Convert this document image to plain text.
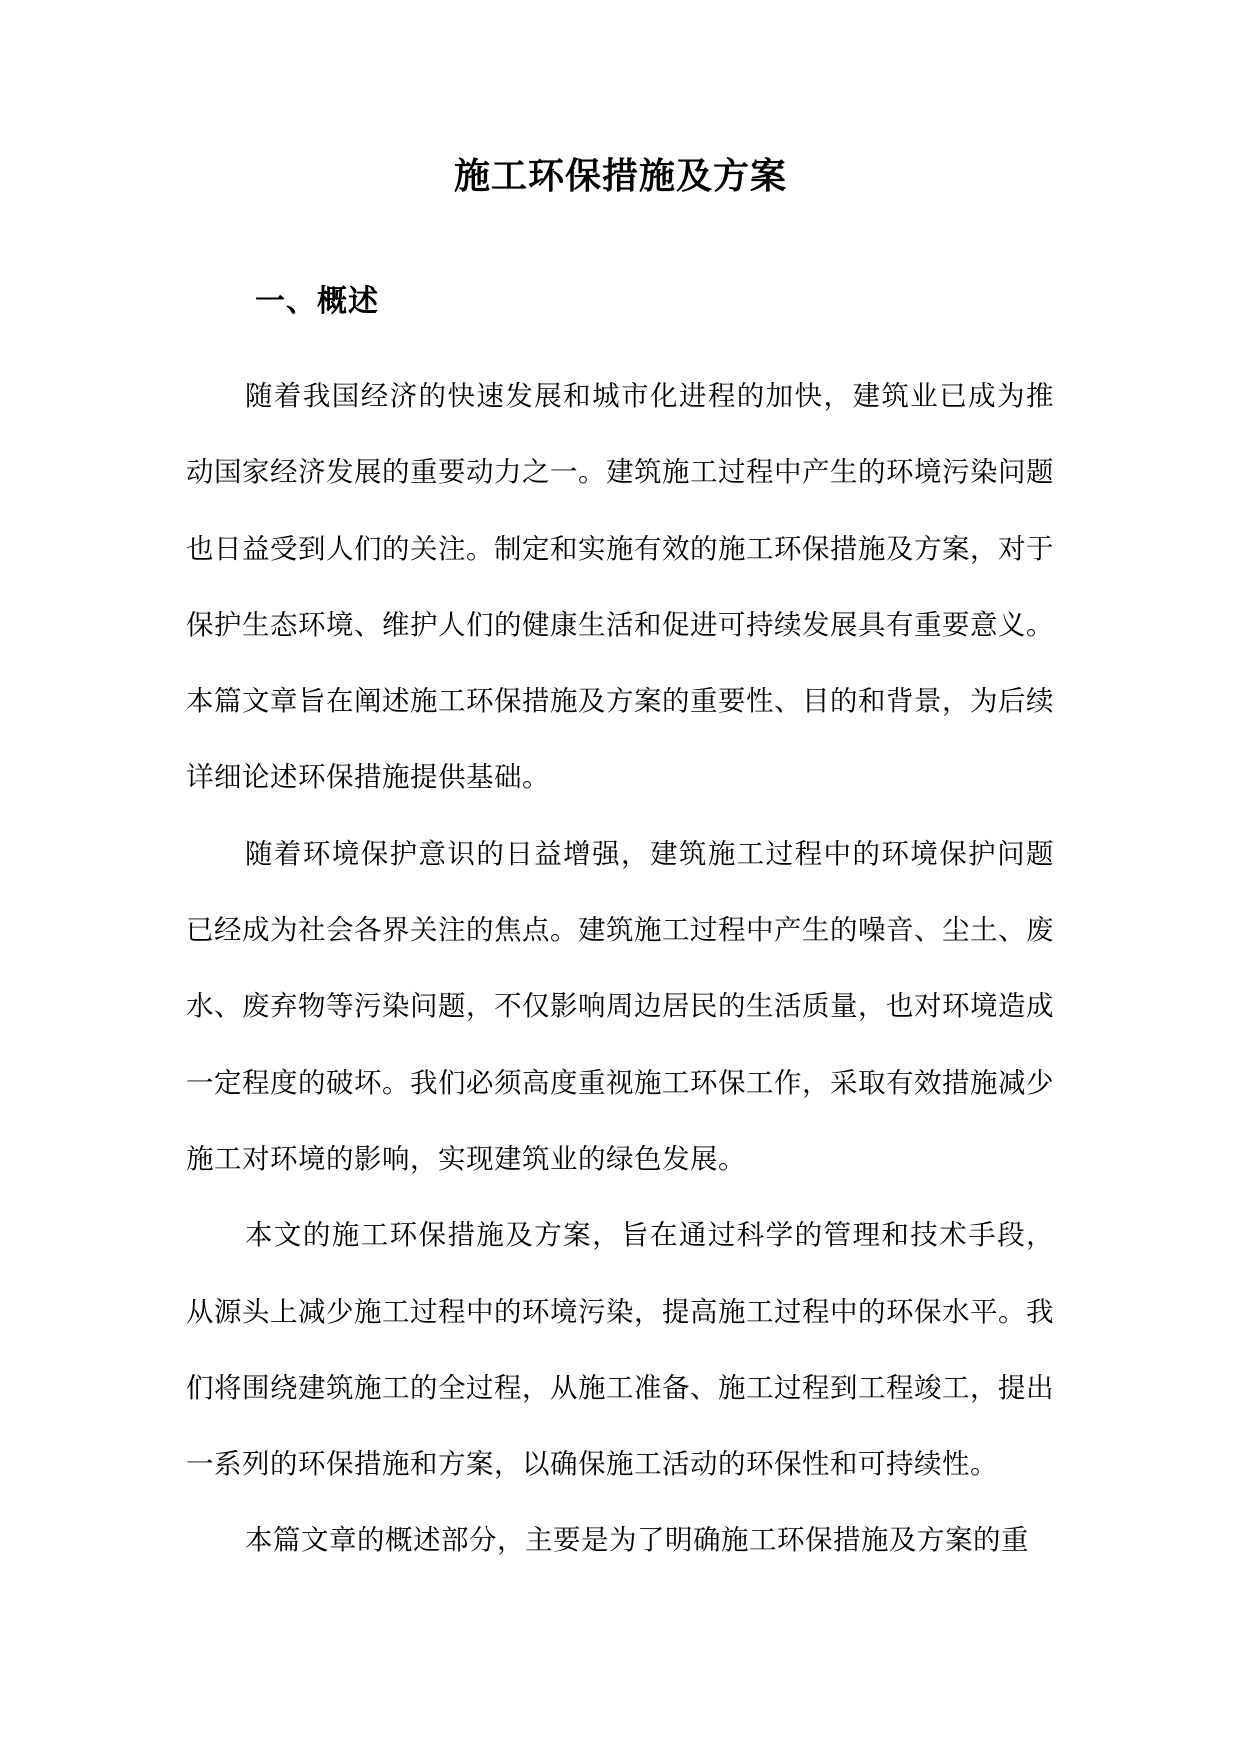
施工环保措施及方案
一、概述

随着我国经济的快速发展和城市化进程的加快，建筑业已成为推动国家经济发展的重要动力之一。建筑施工过程中产生的环境污染问题也日益受到人们的关注。制定和实施有效的施工环保措施及方案，对于保护生态环境、维护人们的健康生活和促进可持续发展具有重要意义。本篇文章旨在阐述施工环保措施及方案的重要性、目的和背景，为后续详细论述环保措施提供基础。

随着环境保护意识的日益增强，建筑施工过程中的环境保护问题已经成为社会各界关注的焦点。建筑施工过程中产生的噪音、尘土、废水、废弃物等污染问题，不仅影响周边居民的生活质量，也对环境造成一定程度的破坏。我们必须高度重视施工环保工作，采取有效措施减少施工对环境的影响，实现建筑业的绿色发展。

本文的施工环保措施及方案，旨在通过科学的管理和技术手段，从源头上减少施工过程中的环境污染，提高施工过程中的环保水平。我们将围绕建筑施工的全过程，从施工准备、施工过程到工程竣工，提出一系列的环保措施和方案，以确保施工活动的环保性和可持续性。

本篇文章的概述部分，主要是为了明确施工环保措施及方案的重
